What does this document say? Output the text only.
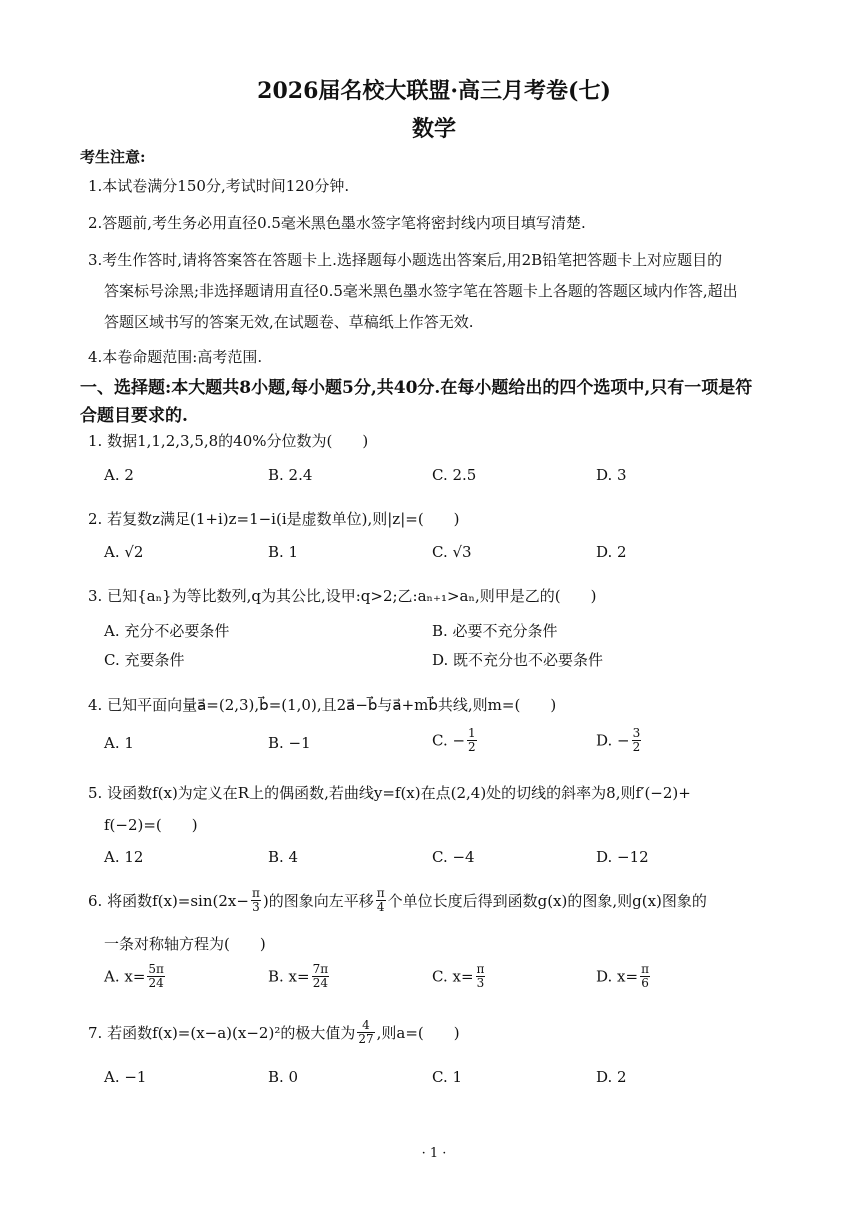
2026届名校大联盟·高三月考卷(七)
数学
考生注意:
1.本试卷满分150分,考试时间120分钟.
2.答题前,考生务必用直径0.5毫米黑色墨水签字笔将密封线内项目填写清楚.
3.考生作答时,请将答案答在答题卡上.选择题每小题选出答案后,用2B铅笔把答题卡上对应题目的
答案标号涂黑;非选择题请用直径0.5毫米黑色墨水签字笔在答题卡上各题的答题区域内作答,超出
答题区域书写的答案无效,在试题卷、草稿纸上作答无效.
4.本卷命题范围:高考范围.
一、选择题:本大题共8小题,每小题5分,共40分.在每小题给出的四个选项中,只有一项是符
合题目要求的.
1. 数据1,1,2,3,5,8的40%分位数为(　　)
A. 2	B. 2.4	C. 2.5	D. 3
2. 若复数z满足(1+i)z=1−i(i是虚数单位),则|z|=(　　)
A. √2	B. 1	C. √3	D. 2
3. 已知{aₙ}为等比数列,q为其公比,设甲:q>2;乙:aₙ₊₁>aₙ,则甲是乙的(　　)
A. 充分不必要条件	B. 必要不充分条件
C. 充要条件	D. 既不充分也不必要条件
4. 已知平面向量a⃗=(2,3),b⃗=(1,0),且2a⃗−b⃗与a⃗+mb⃗共线,则m=(　　)
A. 1	B. −1	C. − $\frac{1}{2}$	D. − $\frac{3}{2}$
5. 设函数f(x)为定义在R上的偶函数,若曲线y=f(x)在点(2,4)处的切线的斜率为8,则f′(−2)+
f(−2)=(　　)
A. 12	B. 4	C. −4	D. −12
6. 将函数$f(x)=\sin(2x- \frac{\pi}{3}$ )的图象向左平移 $\frac{\pi}{4}$ 个单位长度后得到函数g(x)的图象,则g(x)图象的
一条对称轴方程为(　　)
A. $x= \frac{5\pi}{24}$	B. $x= \frac{7\pi}{24}$	C. $x= \frac{\pi}{3}$	D. $x= \frac{\pi}{6}$
7. 若函数f(x)=(x−a)(x−2)²的极大值为 $\frac{4}{27}$ ,则a=(　　)
A. −1	B. 0	C. 1	D. 2
· 1 ·
